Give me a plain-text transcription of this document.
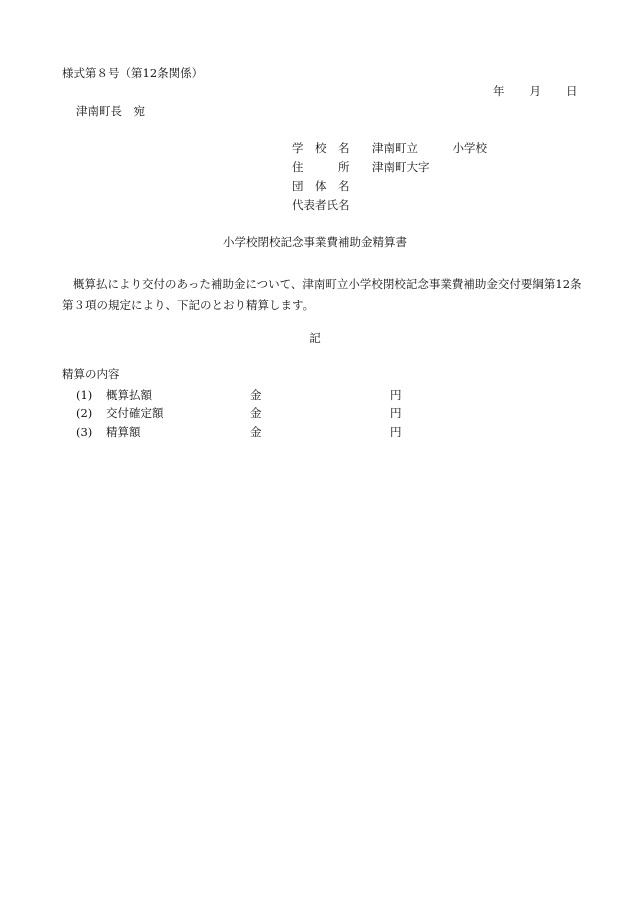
様式第８号（第12条関係）
年 月 日
津南町長　宛
学　校　名 津南町立　　　小学校
住　　　所 津南町大字
団　体　名
代表者氏名
小学校閉校記念事業費補助金精算書
概算払により交付のあった補助金について、津南町立小学校閉校記念事業費補助金交付要綱第12条第３項の規定により、下記のとおり精算します。
記
精算の内容
(1) 概算払額	金	円
(2) 交付確定額	金	円
(3) 精算額	金	円
